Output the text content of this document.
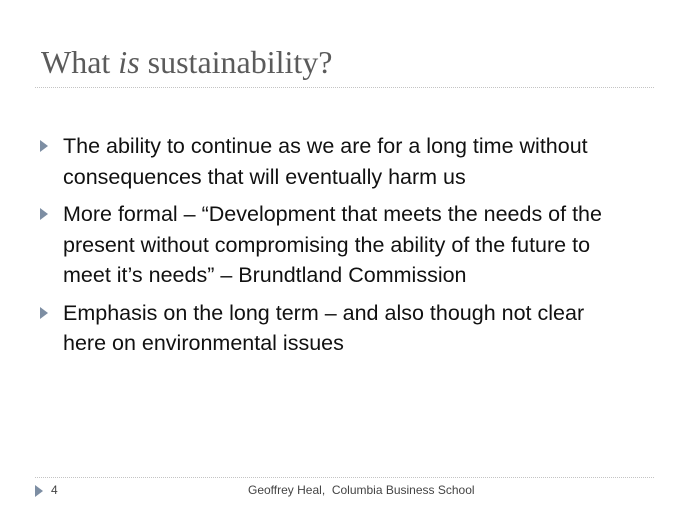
What is sustainability?
The ability to continue as we are for a long time without
consequences that will eventually harm us
More formal – “Development that meets the needs of the
present without compromising the ability of the future to
meet it’s needs” – Brundtland Commission
Emphasis on the long term – and also though not clear
here on environmental issues
4	Geoffrey Heal,  Columbia Business School
